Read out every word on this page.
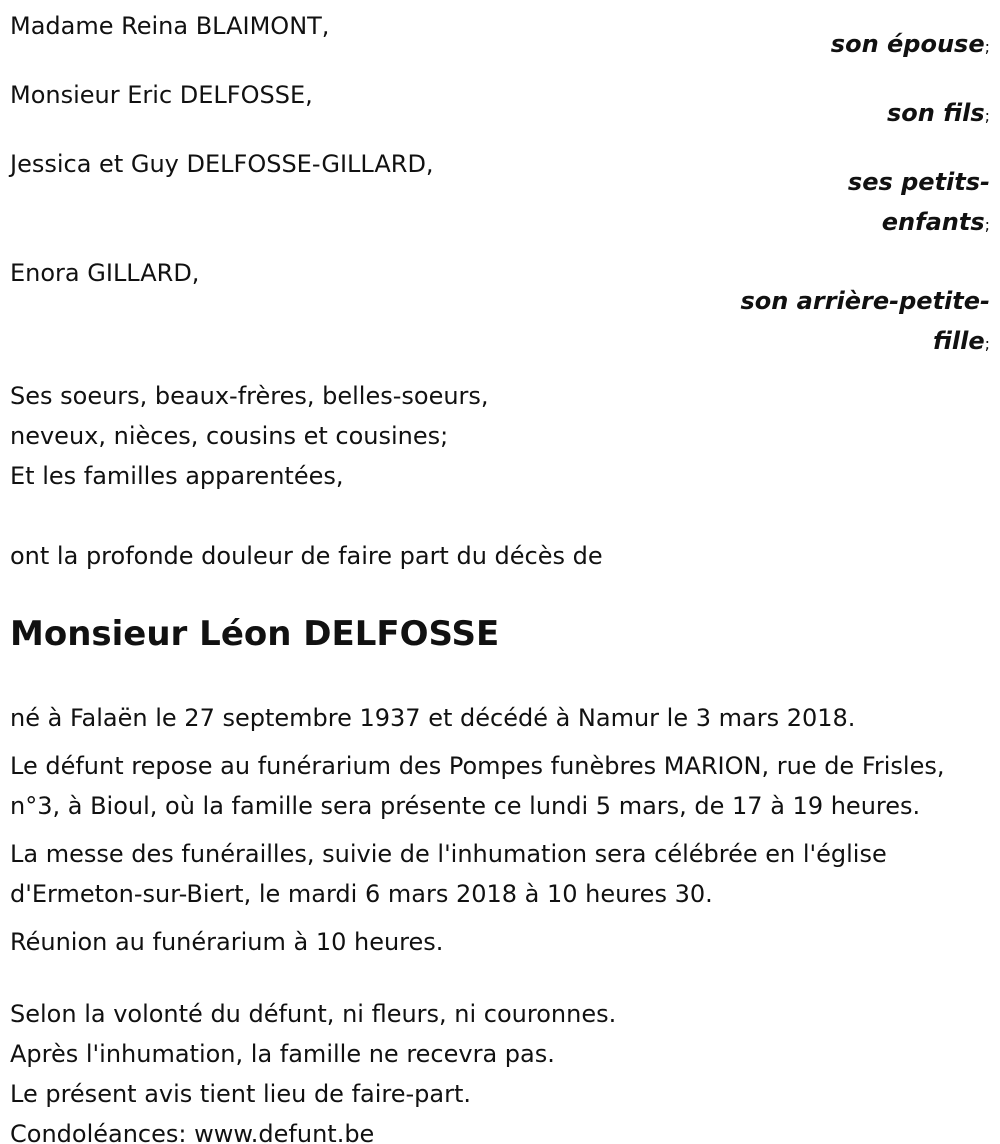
Madame Reina BLAIMONT,
son épouse;
Monsieur Eric DELFOSSE,
son fils;
Jessica et Guy DELFOSSE-GILLARD,
ses petits-enfants;
Enora GILLARD,
son arrière-petite-
fille;
Ses soeurs, beaux-frères, belles-soeurs,
neveux, nièces, cousins et cousines;
Et les familles apparentées,
ont la profonde douleur de faire part du décès de
Monsieur Léon DELFOSSE

né à Falaën le 27 septembre 1937 et décédé à Namur le 3 mars 2018.

Le défunt repose au funérarium des Pompes funèbres MARION, rue de Frisles, n°3, à Bioul, où la famille sera présente ce lundi 5 mars, de 17 à 19 heures.

La messe des funérailles, suivie de l'inhumation sera célébrée en l'église d'Ermeton-sur-Biert, le mardi 6 mars 2018 à 10 heures 30.

Réunion au funérarium à 10 heures.

Selon la volonté du défunt, ni fleurs, ni couronnes.
Après l'inhumation, la famille ne recevra pas.
Le présent avis tient lieu de faire-part.
Condoléances: www.defunt.be
